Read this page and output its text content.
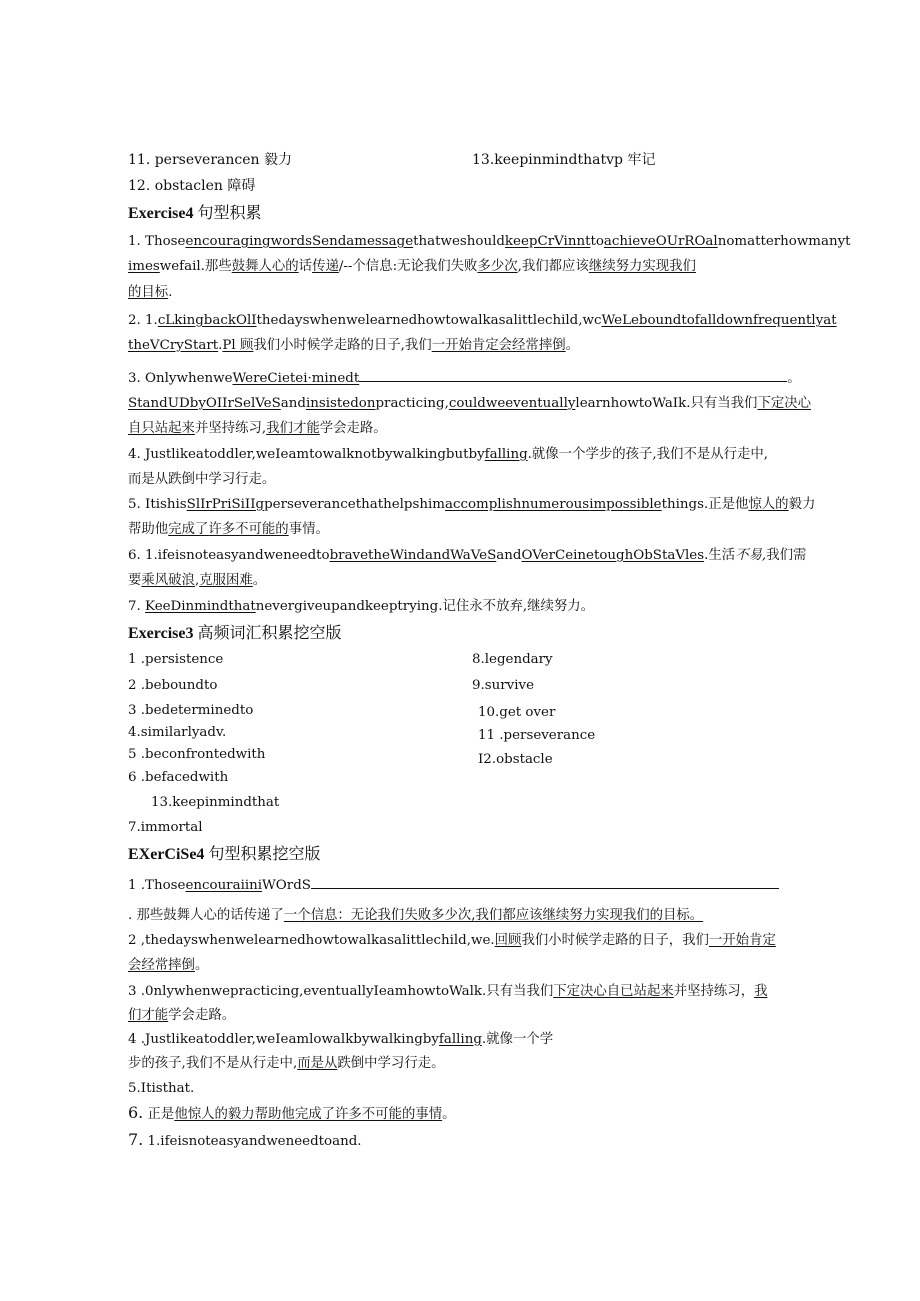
11. perseverancen 毅力	13.keepinmindthatvp 牢记
12. obstaclen 障碍
Exercise4 句型积累
1. ThoseencouragingwordsSendamessagethatweshouldkeepCrVinnttoachieveOUrROalnomatterhowmanyt
imeswefail.那些鼓舞人心的话传递/--个信息:无论我们失败多少次,我们都应该继续努力实现我们
的目标.
2. 1.cLkingbackOlIthedayswhenwelearnedhowtowalkasalittlechild,wcWeLeboundtofalldownfrequentlyat
theVCryStart.Pl 顾我们小时候学走路的日子,我们一开始肯定会经常摔倒。
3. OnlywhenweWereCietei·minedt	。
StandUDbyOIIrSelVeSandinsistedonpracticing,couldweeventuallylearnhowtoWaIk.只有当我们下定决心
自只站起来并坚持练习,我们才能学会走路。
4. Justlikeatoddler,weIeamtowalknotbywalkingbutbyfalling.就像一个学步的孩子,我们不是从行走中,
而是从跌倒中学习行走。
5. ItishisSlIrPriSiIIgperseverancethathelpshimaccomplishnumerousimpossiblethings.正是他惊人的毅力
帮助他完成了许多不可能的事情。
6. 1.ifeisnoteasyandweneedtobravetheWindandWaVeSandOVerCeinetoughObStaVles.生活不易,我们需
要乘风破浪,克服困难。
7. KeeDinmindthatnevergiveupandkeeptrying.记住永不放弃,继续努力。
Exercise3 高频词汇积累挖空版
1 .persistence	8.legendary
2 .beboundto	9.survive
3 .bedeterminedto	10.get over
4.similarlyadv.	11 .perseverance
5 .beconfrontedwith	I2.obstacle
6 .befacedwith
13.keepinmindthat
7.immortal
EXerCiSe4 句型积累挖空版
1 .ThoseencouraiiniWOrdS
. 那些鼓舞人心的话传递了一个信息：无论我们失败多少次,我们都应该继续努力实现我们的目标。
2 ,thedayswhenwelearnedhowtowalkasalittlechild,we.回顾我们小时候学走路的日子，我们一开始肯定
会经常摔倒。
3 .0nlywhenwepracticing,eventuallyIeamhowtoWalk.只有当我们下定决心自已站起来并坚持练习，我
们才能学会走路。
4 .Justlikeatoddler,weIeamlowalkbywalkingbyfalling.就像一个学
步的孩子,我们不是从行走中,而是从跌倒中学习行走。
5.Itisthat.
6. 正是他惊人的毅力帮助他完成了许多不可能的事情。
7. 1.ifeisnoteasyandweneedtoand.
